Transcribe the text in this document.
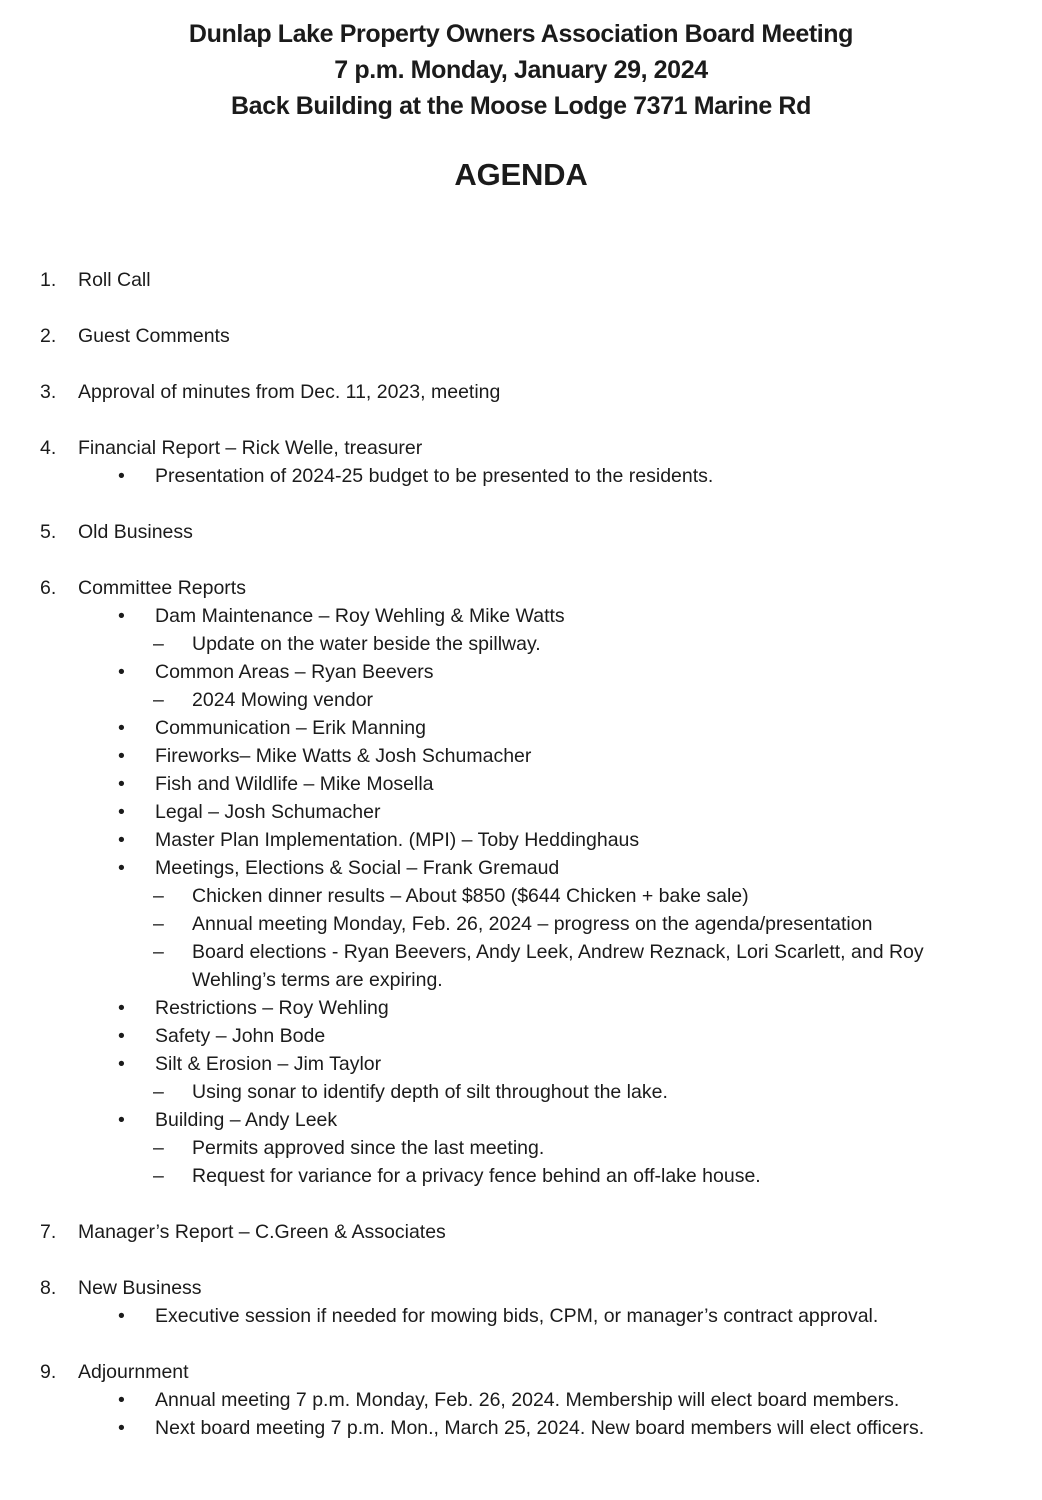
Dunlap Lake Property Owners Association Board Meeting
7 p.m. Monday, January 29, 2024
Back Building at the Moose Lodge 7371 Marine Rd
AGENDA
1.	Roll Call
2.	Guest Comments
3.	Approval of minutes from Dec. 11, 2023, meeting
4.	Financial Report – Rick Welle, treasurer
•	Presentation of 2024-25 budget to be presented to the residents.
5.	Old Business
6.	Committee Reports
•	Dam Maintenance – Roy Wehling & Mike Watts
–	Update on the water beside the spillway.
•	Common Areas – Ryan Beevers
–	2024 Mowing vendor
•	Communication – Erik Manning
•	Fireworks– Mike Watts & Josh Schumacher
•	Fish and Wildlife – Mike Mosella
•	Legal – Josh Schumacher
•	Master Plan Implementation. (MPI) – Toby Heddinghaus
•	Meetings, Elections & Social – Frank Gremaud
–	Chicken dinner results – About $850 ($644 Chicken + bake sale)
–	Annual meeting Monday, Feb. 26, 2024 – progress on the agenda/presentation
–	Board elections - Ryan Beevers, Andy Leek, Andrew Reznack, Lori Scarlett, and Roy Wehling’s terms are expiring.
•	Restrictions – Roy Wehling
•	Safety – John Bode
•	Silt & Erosion – Jim Taylor
–	Using sonar to identify depth of silt throughout the lake.
•	Building – Andy Leek
–	Permits approved since the last meeting.
–	Request for variance for a privacy fence behind an off-lake house.
7.	Manager’s Report – C.Green & Associates
8.	New Business
•	Executive session if needed for mowing bids, CPM, or manager’s contract approval.
9.	Adjournment
•	Annual meeting 7 p.m. Monday, Feb. 26, 2024. Membership will elect board members.
•	Next board meeting 7 p.m. Mon., March 25, 2024. New board members will elect officers.
